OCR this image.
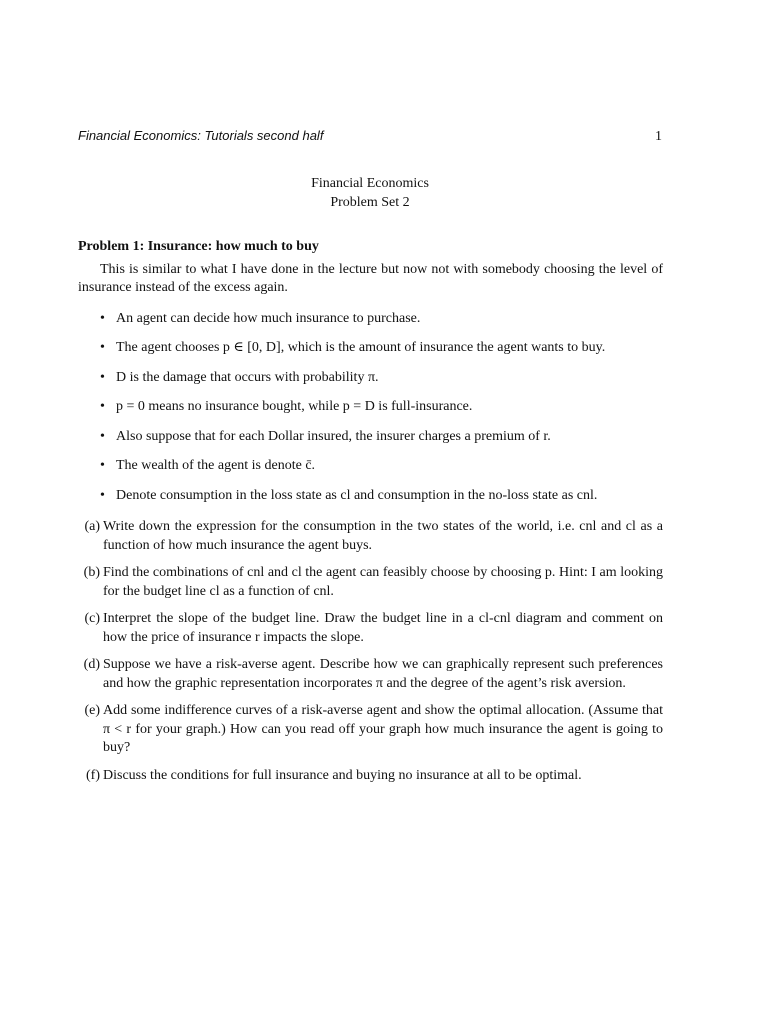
Financial Economics: Tutorials second half	1
Financial Economics
Problem Set 2
Problem 1: Insurance: how much to buy

This is similar to what I have done in the lecture but now not with somebody choosing the level of insurance instead of the excess again.

• An agent can decide how much insurance to purchase.
• The agent chooses p ∈ [0, D], which is the amount of insurance the agent wants to buy.
• D is the damage that occurs with probability π.
• p = 0 means no insurance bought, while p = D is full-insurance.
• Also suppose that for each Dollar insured, the insurer charges a premium of r.
• The wealth of the agent is denote c̄.
• Denote consumption in the loss state as cl and consumption in the no-loss state as cnl.
(a) Write down the expression for the consumption in the two states of the world, i.e. cnl and cl as a function of how much insurance the agent buys.
(b) Find the combinations of cnl and cl the agent can feasibly choose by choosing p. Hint: I am looking for the budget line cl as a function of cnl.
(c) Interpret the slope of the budget line. Draw the budget line in a cl-cnl diagram and comment on how the price of insurance r impacts the slope.
(d) Suppose we have a risk-averse agent. Describe how we can graphically represent such preferences and how the graphic representation incorporates π and the degree of the agent’s risk aversion.
(e) Add some indifference curves of a risk-averse agent and show the optimal allocation. (Assume that π < r for your graph.) How can you read off your graph how much insurance the agent is going to buy?
(f) Discuss the conditions for full insurance and buying no insurance at all to be optimal.
